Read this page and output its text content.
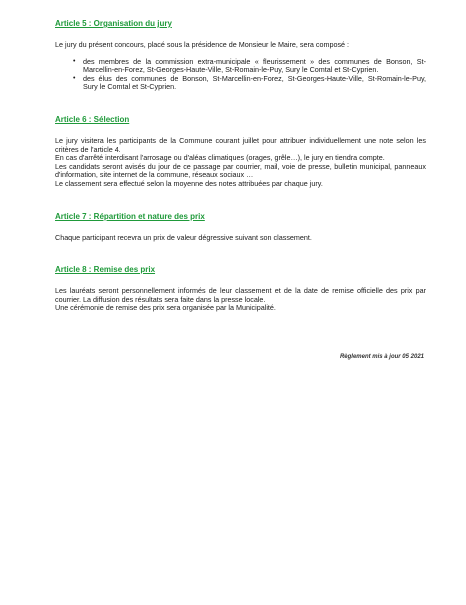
Article 5 : Organisation du jury

Le jury du présent concours, placé sous la présidence de Monsieur le Maire, sera composé :

• des membres de la commission extra-municipale « fleurissement » des communes de Bonson, St-Marcellin-en-Forez, St-Georges-Haute-Ville, St-Romain-le-Puy, Sury le Comtal et St-Cyprien.
• des élus des communes de Bonson, St-Marcellin-en-Forez, St-Georges-Haute-Ville, St-Romain-le-Puy, Sury le Comtal et St-Cyprien.
Article 6 : Sélection

Le jury visitera les participants de la Commune courant juillet pour attribuer individuellement une note selon les critères de l'article 4.

En cas d'arrêté interdisant l'arrosage ou d'aléas climatiques (orages, grêle…), le jury en tiendra compte.

Les candidats seront avisés du jour de ce passage par courrier, mail, voie de presse, bulletin municipal, panneaux d'information, site internet de la commune, réseaux sociaux …

Le classement sera effectué selon la moyenne des notes attribuées par chaque jury.

Article 7 : Répartition et nature des prix

Chaque participant recevra un prix de valeur dégressive suivant son classement.

Article 8 : Remise des prix

Les lauréats seront personnellement informés de leur classement et de la date de remise officielle des prix par courrier. La diffusion des résultats sera faite dans la presse locale.

Une cérémonie de remise des prix sera organisée par la Municipalité.

Règlement mis à jour 05 2021
